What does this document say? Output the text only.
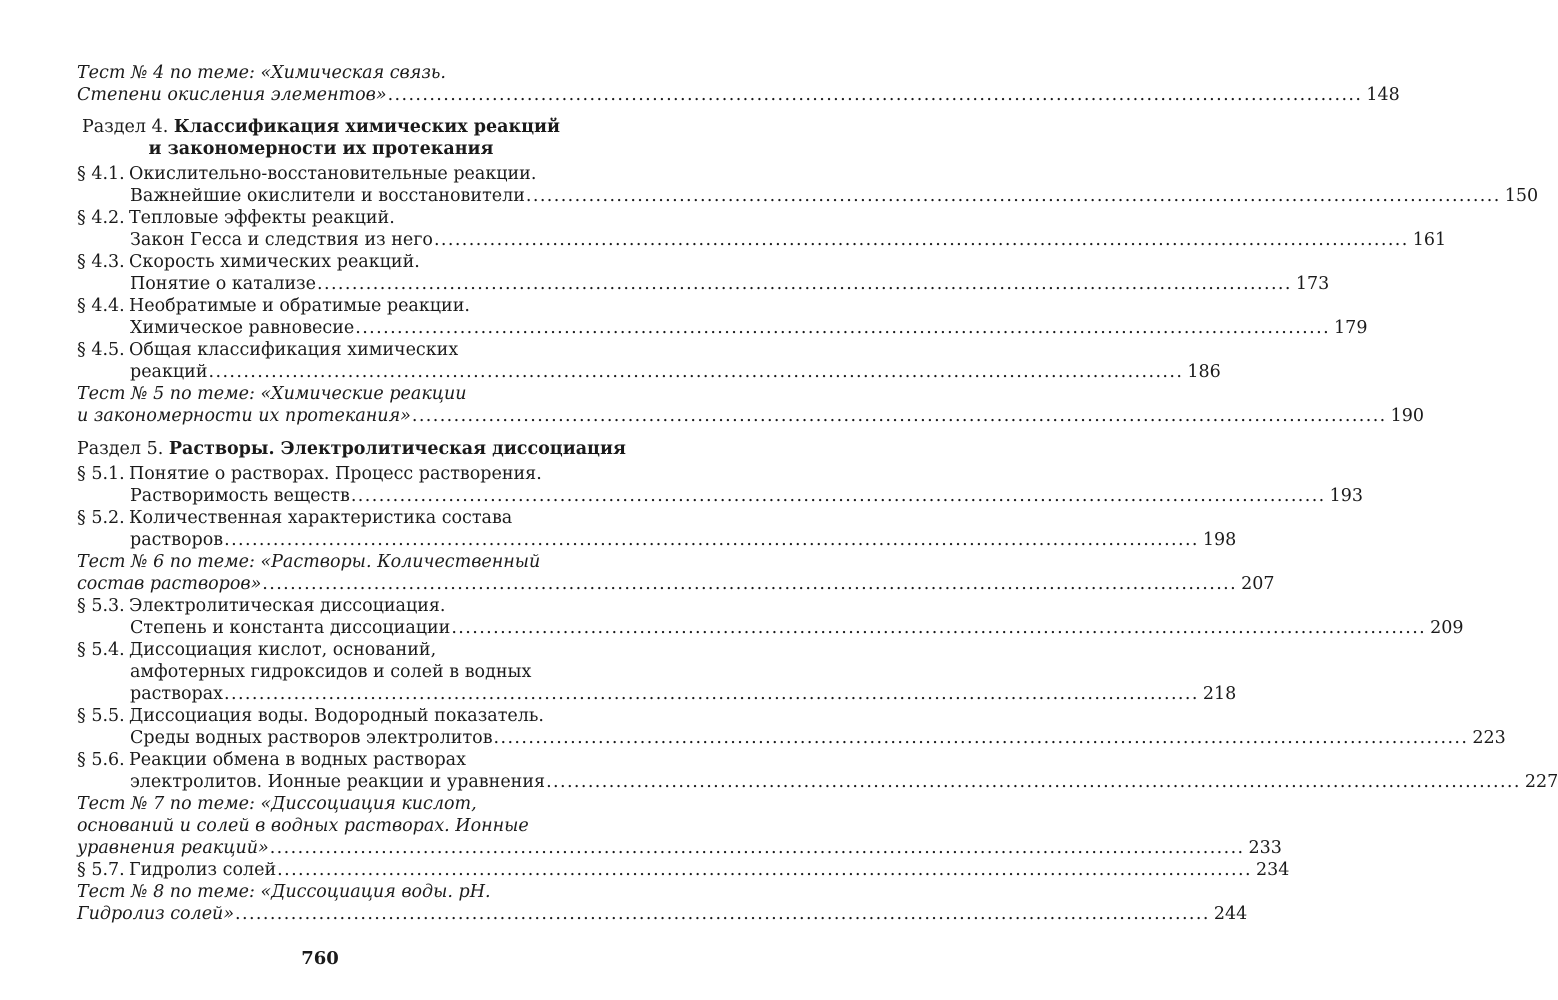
Тест № 4 по теме: «Химическая связь.
Степени окисления элементов» .....	148
Раздел 4. Классификация химических реакций
и закономерности их протекания
§ 4.1. Окислительно-восстановительные реакции.
Важнейшие окислители и восстановители .....	150
§ 4.2. Тепловые эффекты реакций.
Закон Гесса и следствия из него .....	161
§ 4.3. Скорость химических реакций.
Понятие о катализе .....	173
§ 4.4. Необратимые и обратимые реакции.
Химическое равновесие .....	179
§ 4.5. Общая классификация химических
реакций .....	186
Тест № 5 по теме: «Химические реакции
и закономерности их протекания» .....	190
Раздел 5. Растворы. Электролитическая диссоциация
§ 5.1. Понятие о растворах. Процесс растворения.
Растворимость веществ .....	193
§ 5.2. Количественная характеристика состава
растворов .....	198
Тест № 6 по теме: «Растворы. Количественный
состав растворов» .....	207
§ 5.3. Электролитическая диссоциация.
Степень и константа диссоциации .....	209
§ 5.4. Диссоциация кислот, оснований,
амфотерных гидроксидов и солей в водных
растворах .....	218
§ 5.5. Диссоциация воды. Водородный показатель.
Среды водных растворов электролитов .....	223
§ 5.6. Реакции обмена в водных растворах
электролитов. Ионные реакции и уравнения .....	227
Тест № 7 по теме: «Диссоциация кислот,
оснований и солей в водных растворах. Ионные
уравнения реакций» .....	233
§ 5.7. Гидролиз солей .....	234
Тест № 8 по теме: «Диссоциация воды. pH.
Гидролиз солей» .....	244
760
